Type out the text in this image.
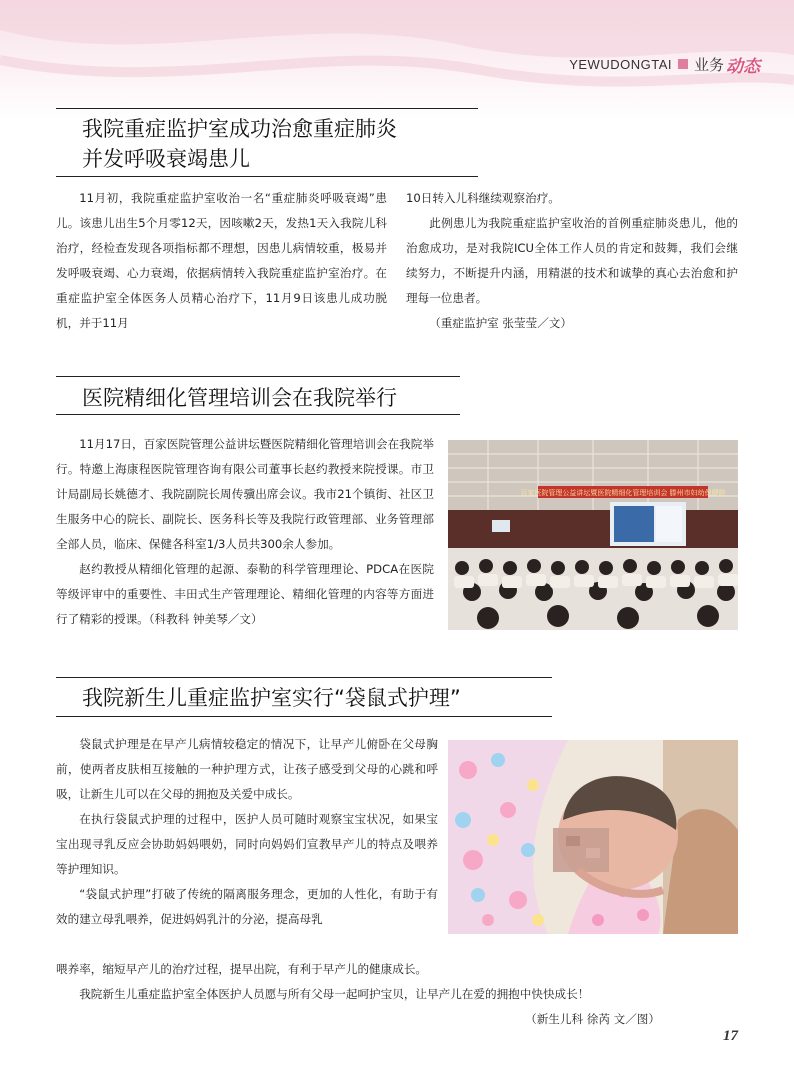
YEWUDONGTAI 业务 动态
我院重症监护室成功治愈重症肺炎
并发呼吸衰竭患儿

11月初，我院重症监护室收治一名“重症肺炎呼吸衰竭”患儿。该患儿出生5个月零12天，因咳嗽2天，发热1天入我院儿科治疗，经检查发现各项指标都不理想，因患儿病情较重，极易并发呼吸衰竭、心力衰竭，依据病情转入我院重症监护室治疗。在重症监护室全体医务人员精心治疗下，11月9日该患儿成功脱机，并于11月

10日转入儿科继续观察治疗。

此例患儿为我院重症监护室收治的首例重症肺炎患儿，他的治愈成功，是对我院ICU全体工作人员的肯定和鼓舞，我们会继续努力，不断提升内涵，用精湛的技术和诚挚的真心去治愈和护理每一位患者。

（重症监护室 张莹莹／文）

医院精细化管理培训会在我院举行

11月17日，百家医院管理公益讲坛暨医院精细化管理培训会在我院举行。特邀上海康程医院管理咨询有限公司董事长赵约教授来院授课。市卫计局副局长姚德才、我院副院长周传骥出席会议。我市21个镇街、社区卫生服务中心的院长、副院长、医务科长等及我院行政管理部、业务管理部全部人员，临床、保健各科室1/3人员共300余人参加。

赵约教授从精细化管理的起源、泰勒的科学管理理论、PDCA在医院等级评审中的重要性、丰田式生产管理理论、精细化管理的内容等方面进行了精彩的授课。（科教科 钟美琴／文）

百家医院管理公益讲坛暨医院精细化管理培训会 滕州市妇幼保健院
我院新生儿重症监护室实行“袋鼠式护理”

袋鼠式护理是在早产儿病情较稳定的情况下，让早产儿俯卧在父母胸前，使两者皮肤相互接触的一种护理方式，让孩子感受到父母的心跳和呼吸，让新生儿可以在父母的拥抱及关爱中成长。

在执行袋鼠式护理的过程中，医护人员可随时观察宝宝状况，如果宝宝出现寻乳反应会协助妈妈喂奶，同时向妈妈们宣教早产儿的特点及喂养等护理知识。

“袋鼠式护理”打破了传统的隔离服务理念，更加的人性化，有助于有效的建立母乳喂养，促进妈妈乳汁的分泌，提高母乳

喂养率，缩短早产儿的治疗过程，提早出院，有利于早产儿的健康成长。

我院新生儿重症监护室全体医护人员愿与所有父母一起呵护宝贝，让早产儿在爱的拥抱中快快成长！

（新生儿科 徐芮 文／图）
17
